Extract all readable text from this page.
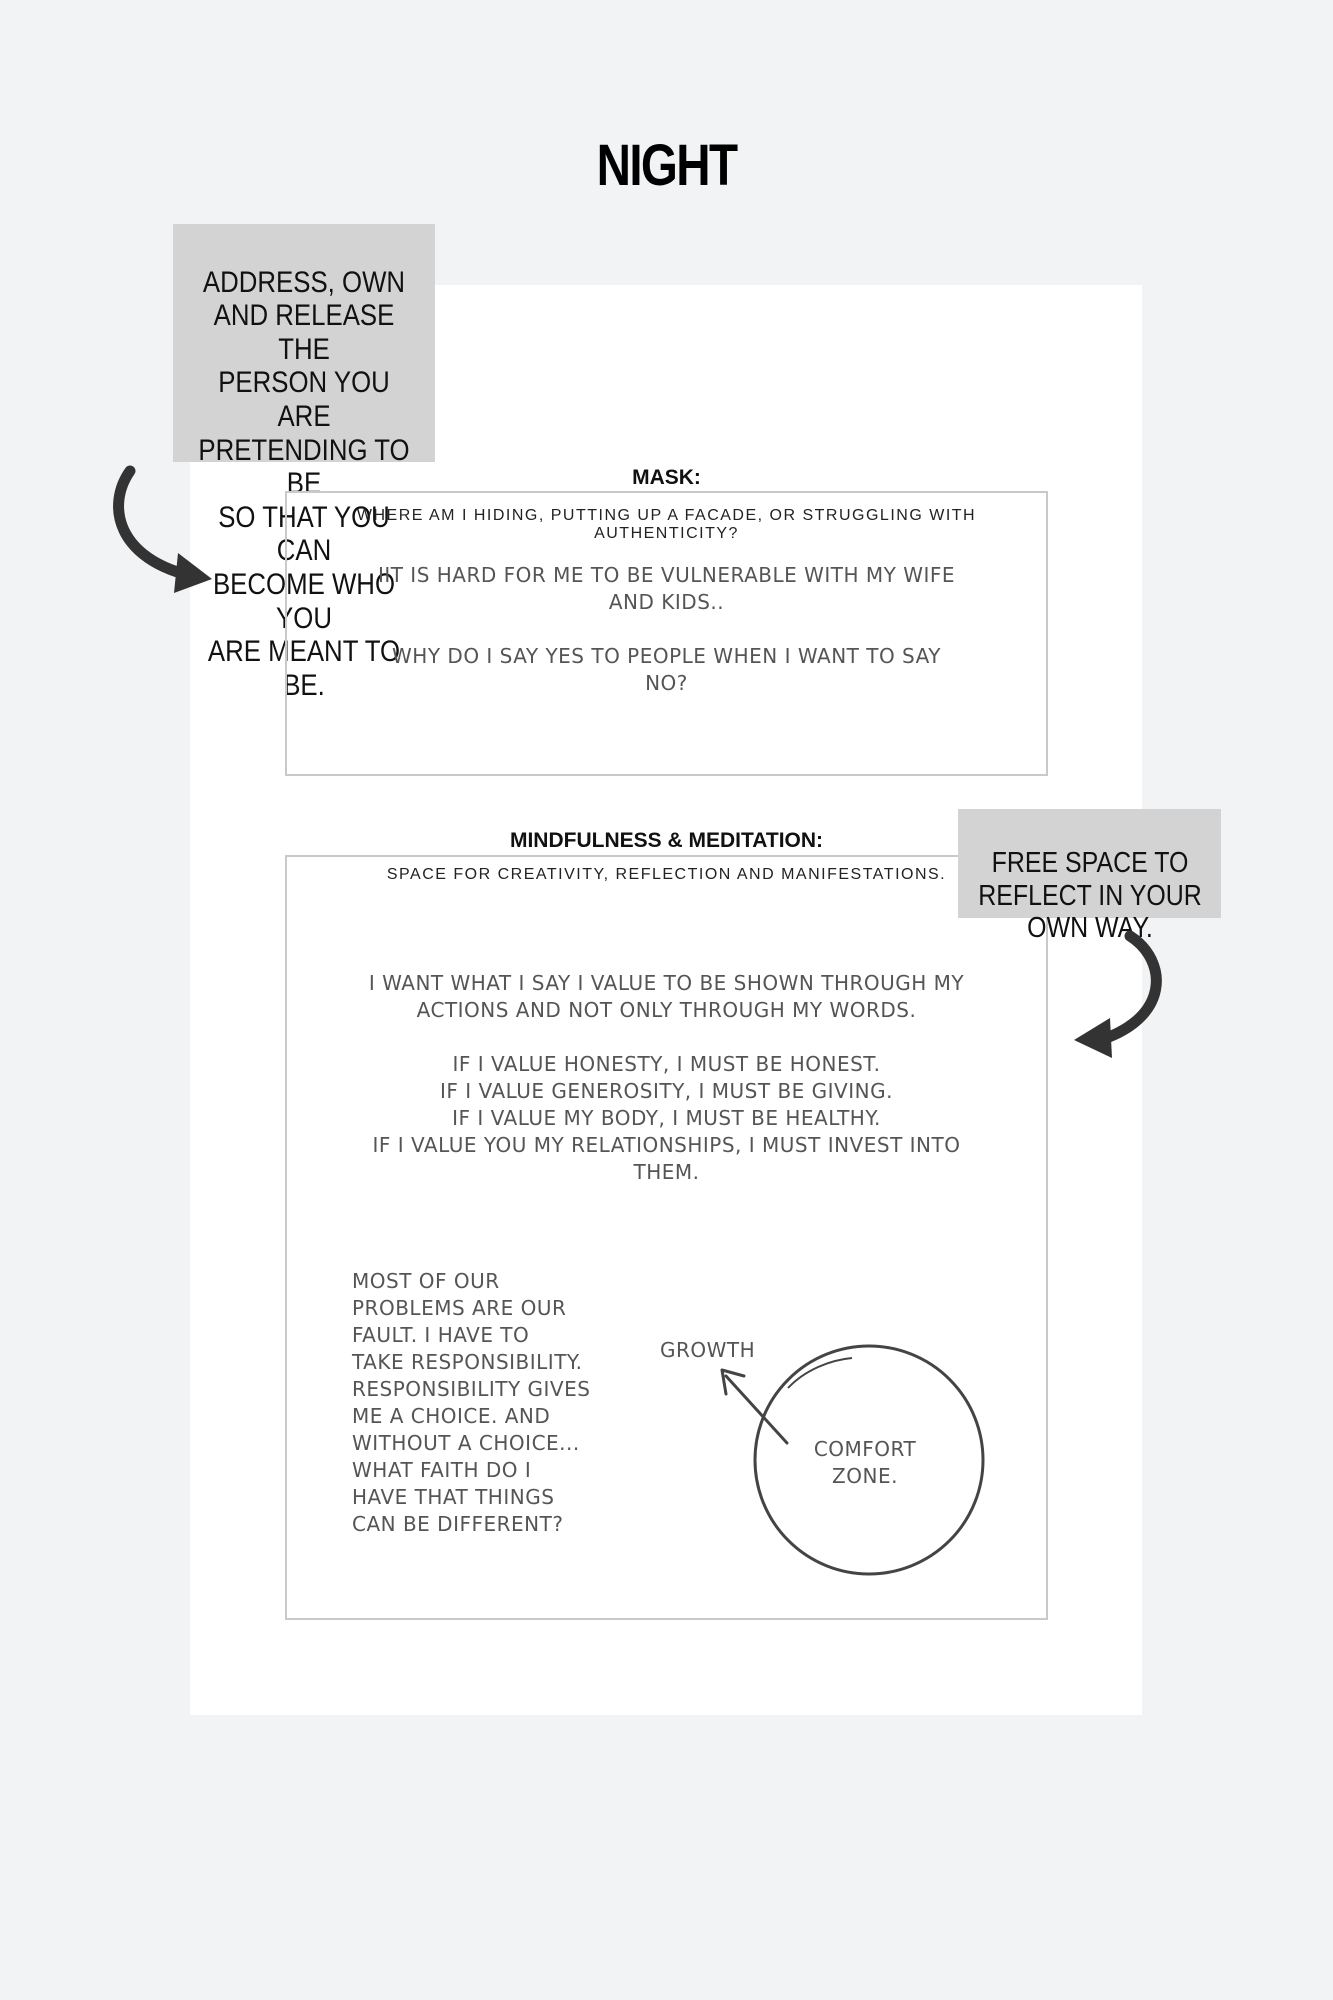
NIGHT

ADDRESS, OWN
AND RELEASE THE
PERSON YOU ARE
PRETENDING TO BE
SO THAT YOU CAN
BECOME WHO YOU
ARE MEANT TO BE.

MASK:
WHERE AM I HIDING, PUTTING UP A FACADE, OR STRUGGLING WITH AUTHENTICITY?
IIT IS HARD FOR ME TO BE VULNERABLE WITH MY WIFE
AND KIDS..

WHY DO I SAY YES TO PEOPLE WHEN I WANT TO SAY
NO?
MINDFULNESS & MEDITATION:
SPACE FOR CREATIVITY, REFLECTION AND MANIFESTATIONS.	FREE SPACE TO
REFLECT IN YOUR
OWN WAY.

I WANT WHAT I SAY I VALUE TO BE SHOWN THROUGH MY
ACTIONS AND NOT ONLY THROUGH MY WORDS.

IF I VALUE HONESTY, I MUST BE HONEST.
IF I VALUE GENEROSITY, I MUST BE GIVING.
IF I VALUE MY BODY, I MUST BE HEALTHY.
IF I VALUE YOU MY RELATIONSHIPS, I MUST INVEST INTO
THEM.
MOST OF OUR
PROBLEMS ARE OUR
FAULT. I HAVE TO
TAKE RESPONSIBILITY.
RESPONSIBILITY GIVES
ME A CHOICE. AND
WITHOUT A CHOICE...
WHAT FAITH DO I
HAVE THAT THINGS
CAN BE DIFFERENT?
GROWTH
COMFORT
ZONE.
